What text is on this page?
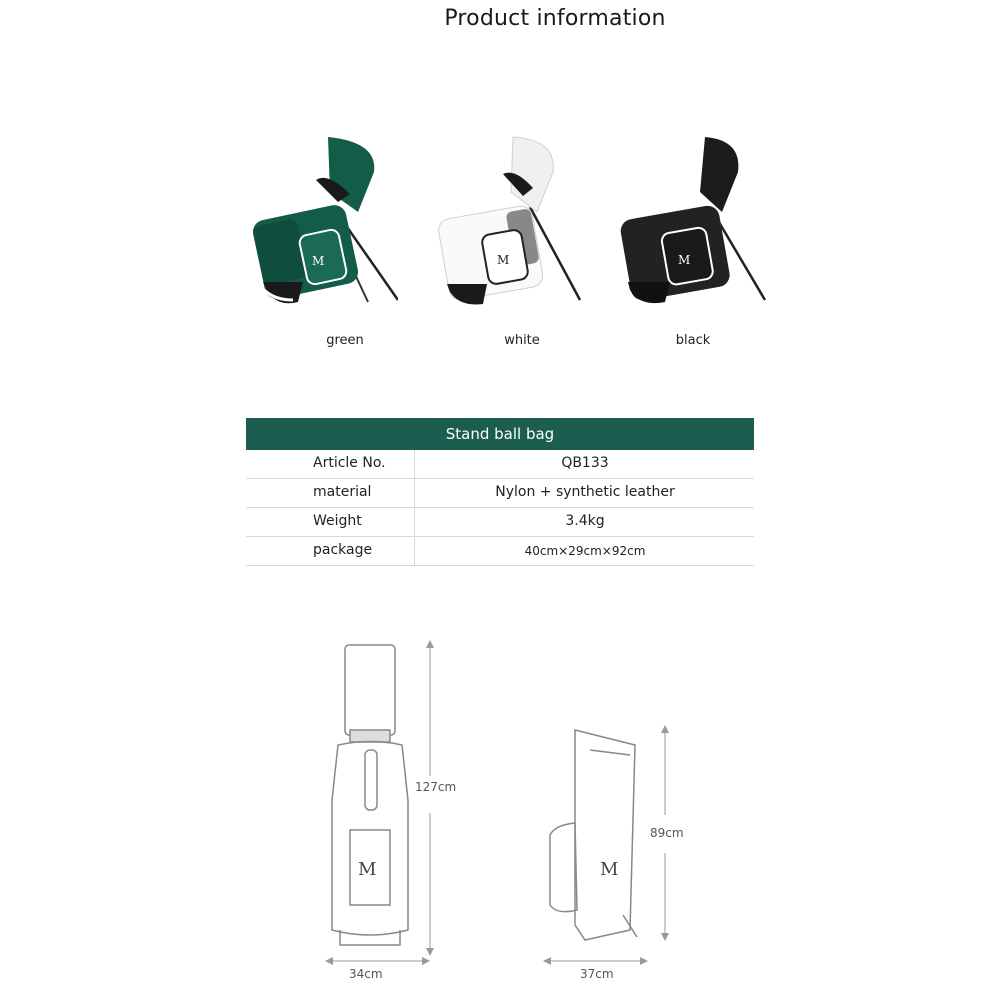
Product information
M
green
M
white
M
black
Stand ball bag
Article No.	QB133
material	Nylon + synthetic leather
Weight	3.4kg
package	40cm×29cm×92cm
M
127cm
34cm
M
89cm
37cm
